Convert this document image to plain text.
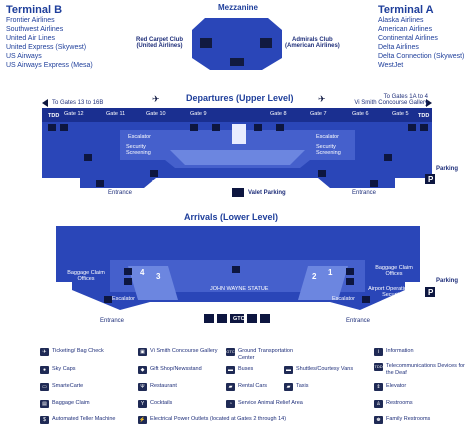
Terminal B
Frontier Airlines
Southwest Airlines
United Air Lines
United Express (Skywest)
US Airways
US Airways Express (Mesa)
Terminal A
Alaska Airlines
American Airlines
Continental Airlines
Delta Airlines
Delta Connection (Skywest)
WestJet
Mezzanine
✈	✈
Red Carpet Club
(United Airlines)
Admirals Club
(American Airlines)
Departures (Upper Level)
To Gates 13 to 16B
To Gates 1A to 4
Vi Smith Concourse Gallery
Gate 12	Gate 11	Gate 10	Gate 9	Gate 8	Gate 7	Gate 6	Gate 5
TDD	TDD
Escalator	Escalator
Security Screening
Security Screening
Escalator	Escalator
Entrance	Entrance
Valet Parking
Parking
P
Arrivals (Lower Level)
Baggage Claim Offices
Baggage Claim Offices
JOHN WAYNE STATUE	Airport Operations / Security
Escalator	Escalator
4 3	2 1
Entrance	Entrance
Parking
P
GTC
✈ Ticketing/ Bag Check
●	Sky Caps
▭ SmarteCarte
▤ Baggage Claim
$	Automated Teller Machine
▣ Vi Smith Concourse Gallery
◆	Gift Shop/Newsstand
Ψ Restaurant
Y	Cocktails
⚡ Electrical Power Outlets (located at Gates 2 through 14)
GTC Ground Transportation Center
▬ Buses
▰	Rental Cars
◔	Service Animal Relief Area
▬ Shuttles/Courtesy Vans
▰	Taxis
i	Information
TDD Telecommunications Devices for the Deaf
⇕ Elevator
♙ Restrooms
♚ Family Restrooms
